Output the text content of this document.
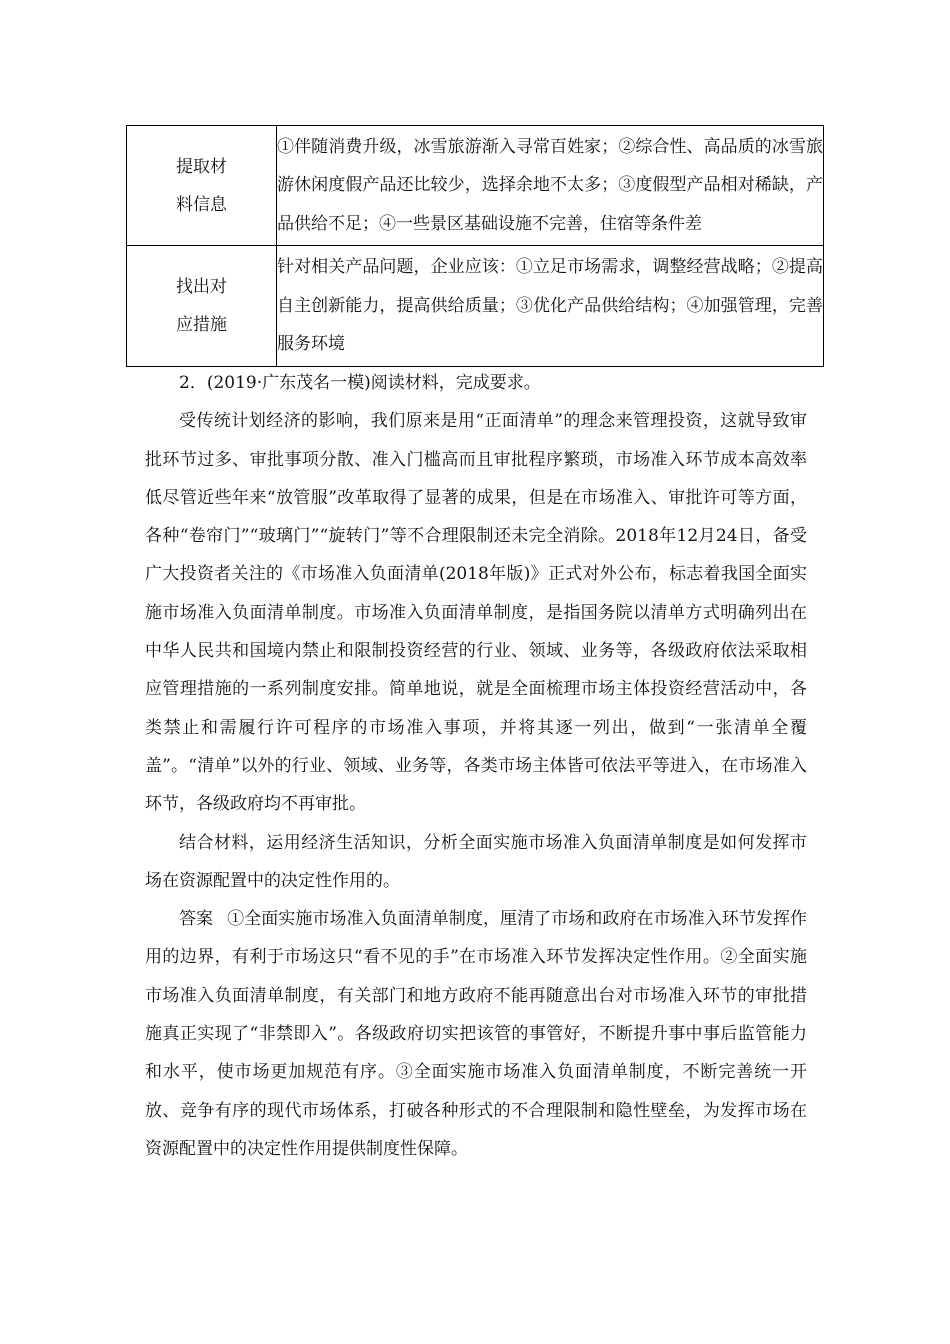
提取材
料信息	①伴随消费升级，冰雪旅游渐入寻常百姓家；②综合性、高品质的冰雪旅游休闲度假产品还比较少，选择余地不太多；③度假型产品相对稀缺，产品供给不足；④一些景区基础设施不完善，住宿等条件差

找出对
应措施	针对相关产品问题，企业应该：①立足市场需求，调整经营战略；②提高自主创新能力，提高供给质量；③优化产品供给结构；④加强管理，完善服务环境

2．(2019·广东茂名一模)阅读材料，完成要求。

受传统计划经济的影响，我们原来是用“正面清单”的理念来管理投资，这就导致审批环节过多、审批事项分散、准入门槛高而且审批程序繁琐，市场准入环节成本高效率低尽管近些年来“放管服”改革取得了显著的成果，但是在市场准入、审批许可等方面，各种“卷帘门”“玻璃门”“旋转门”等不合理限制还未完全消除。2018年12月24日，备受广大投资者关注的《市场准入负面清单(2018年版)》正式对外公布，标志着我国全面实施市场准入负面清单制度。市场准入负面清单制度，是指国务院以清单方式明确列出在中华人民共和国境内禁止和限制投资经营的行业、领域、业务等，各级政府依法采取相应管理措施的一系列制度安排。简单地说，就是全面梳理市场主体投资经营活动中，各类禁止和需履行许可程序的市场准入事项，并将其逐一列出，做到“一张清单全覆盖”。“清单”以外的行业、领域、业务等，各类市场主体皆可依法平等进入，在市场准入环节，各级政府均不再审批。

结合材料，运用经济生活知识，分析全面实施市场准入负面清单制度是如何发挥市场在资源配置中的决定性作用的。

答案 ①全面实施市场准入负面清单制度，厘清了市场和政府在市场准入环节发挥作用的边界，有利于市场这只“看不见的手”在市场准入环节发挥决定性作用。②全面实施市场准入负面清单制度，有关部门和地方政府不能再随意出台对市场准入环节的审批措施真正实现了“非禁即入”。各级政府切实把该管的事管好，不断提升事中事后监管能力和水平，使市场更加规范有序。③全面实施市场准入负面清单制度，不断完善统一开放、竞争有序的现代市场体系，打破各种形式的不合理限制和隐性壁垒，为发挥市场在资源配置中的决定性作用提供制度性保障。
